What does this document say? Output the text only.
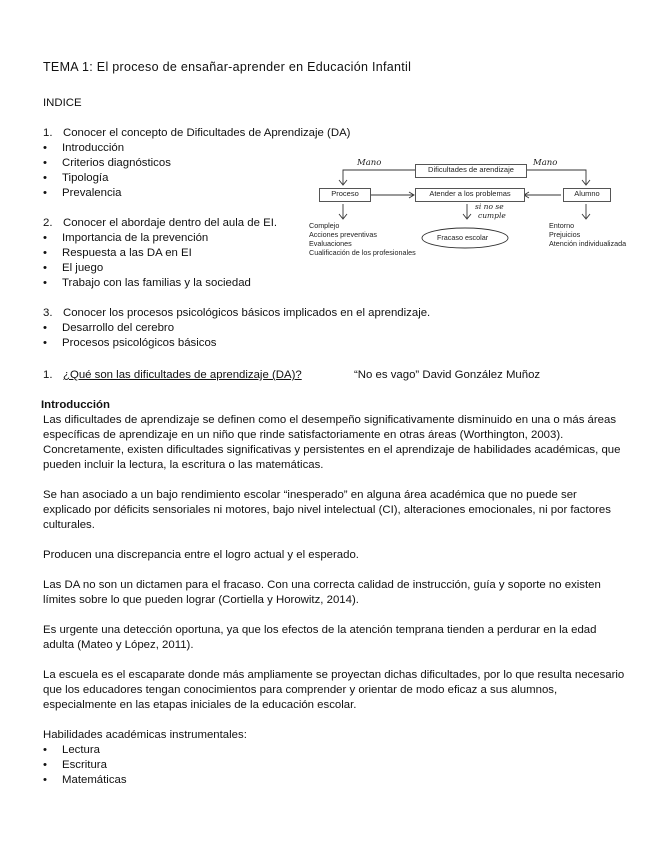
TEMA 1: El proceso de ensañar-aprender en Educación Infantil
INDICE
1. Conocer el concepto de Dificultades de Aprendizaje (DA)
• Introducción
• Criterios diagnósticos
• Tipología
• Prevalencia
2. Conocer el abordaje dentro del aula de EI.
• Importancia de la prevención
• Respuesta a las DA en EI
• El juego
• Trabajo con las familias y la sociedad
3. Conocer los procesos psicológicos básicos implicados en el aprendizaje.
• Desarrollo del cerebro
• Procesos psicológicos básicos
Dificultades de arendizaje
Proceso	Atender a los problemas	Alumno
Fracaso escolar
Mano	Mano
si no se
cumple
Complejo
Acciones preventivas
Evaluaciones
Cualificación de los profesionales
Entorno
Prejuicios
Atención individualizada
1. ¿Qué son las dificultades de aprendizaje (DA)?	“No es vago” David González Muñoz
Introducción
Las dificultades de aprendizaje se definen como el desempeño significativamente disminuido en una o más áreas específicas de aprendizaje en un niño que rinde satisfactoriamente en otras áreas (Worthington, 2003). Concretamente, existen dificultades significativas y persistentes en el aprendizaje de habilidades académicas, que pueden incluir la lectura, la escritura o las matemáticas.
Se han asociado a un bajo rendimiento escolar “inesperado” en alguna área académica que no puede ser explicado por déficits sensoriales ni motores, bajo nivel intelectual (CI), alteraciones emocionales, ni por factores culturales.
Producen una discrepancia entre el logro actual y el esperado.
Las DA no son un dictamen para el fracaso. Con una correcta calidad de instrucción, guía y soporte no existen límites sobre lo que pueden lograr (Cortiella y Horowitz, 2014).
Es urgente una detección oportuna, ya que los efectos de la atención temprana tienden a perdurar en la edad adulta (Mateo y López, 2011).
La escuela es el escaparate donde más ampliamente se proyectan dichas dificultades, por lo que resulta necesario que los educadores tengan conocimientos para comprender y orientar de modo eficaz a sus alumnos, especialmente en las etapas iniciales de la educación escolar.
Habilidades académicas instrumentales:
• Lectura
• Escritura
• Matemáticas
